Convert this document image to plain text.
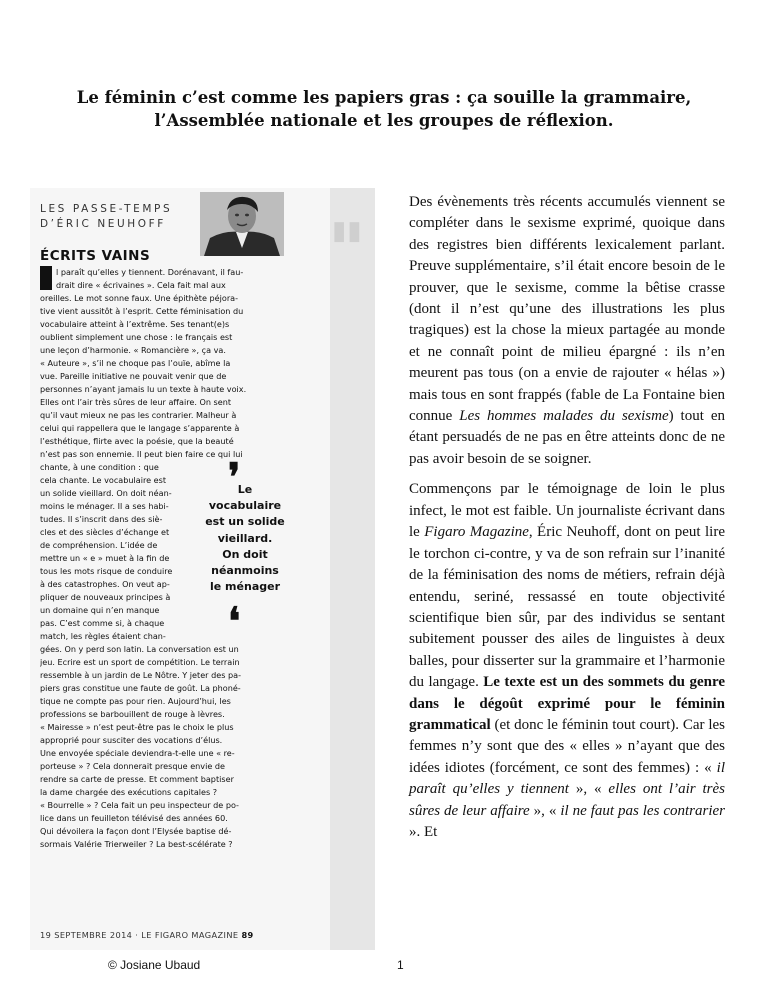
Le féminin c’est comme les papiers gras : ça souille la grammaire,
l’Assemblée nationale et les groupes de réflexion.
▮▮
LES PASSE-TEMPS
D’ÉRIC NEUHOFF
ÉCRITS VAINS

l paraît qu’elles y tiennent. Dorénavant, il fau-

drait dire « écrivaines ». Cela fait mal aux

oreilles. Le mot sonne faux. Une épithète péjora-

tive vient aussitôt à l’esprit. Cette féminisation du

vocabulaire atteint à l’extrême. Ses tenant(e)s

oublient simplement une chose : le français est

une leçon d’harmonie. « Romancière », ça va.

« Auteure », s’il ne choque pas l’ouïe, abîme la

vue. Pareille initiative ne pouvait venir que de

personnes n’ayant jamais lu un texte à haute voix.

Elles ont l’air très sûres de leur affaire. On sent

qu’il vaut mieux ne pas les contrarier. Malheur à

celui qui rappellera que le langage s’apparente à

l’esthétique, flirte avec la poésie, que la beauté

n’est pas son ennemie. Il peut bien faire ce qui lui

chante, à une condition : que

cela chante. Le vocabulaire est

un solide vieillard. On doit néan-

moins le ménager. Il a ses habi-

tudes. Il s’inscrit dans des siè-

cles et des siècles d’échange et

de compréhension. L’idée de

mettre un « e » muet à la fin de

tous les mots risque de conduire

à des catastrophes. On veut ap-

pliquer de nouveaux principes à

un domaine qui n’en manque

pas. C’est comme si, à chaque

match, les règles étaient chan-

gées. On y perd son latin. La conversation est un

jeu. Ecrire est un sport de compétition. Le terrain

ressemble à un jardin de Le Nôtre. Y jeter des pa-

piers gras constitue une faute de goût. La phoné-

tique ne compte pas pour rien. Aujourd’hui, les

professions se barbouillent de rouge à lèvres.

« Mairesse » n’est peut-être pas le choix le plus

approprié pour susciter des vocations d’élus.

Une envoyée spéciale deviendra-t-elle une « re-

porteuse » ? Cela donnerait presque envie de

rendre sa carte de presse. Et comment baptiser

la dame chargée des exécutions capitales ?

« Bourrelle » ? Cela fait un peu inspecteur de po-

lice dans un feuilleton télévisé des années 60.

Qui dévoilera la façon dont l’Elysée baptise dé-

sormais Valérie Trierweiler ? La best-scélérate ?

❜
Le
vocabulaire
est un solide
vieillard.
On doit
néanmoins
le ménager
❛
19 SEPTEMBRE 2014 · LE FIGARO MAGAZINE 89

Des évènements très récents accumulés viennent se compléter dans le sexisme exprimé, quoique dans des registres bien différents lexicalement parlant. Preuve supplémentaire, s’il était encore besoin de le prouver, que le sexisme, comme la bêtise crasse (dont il n’est qu’une des illustrations les plus tragiques) est la chose la mieux partagée au monde et ne connaît point de milieu épargné : ils n’en meurent pas tous (on a envie de rajouter « hélas ») mais tous en sont frappés (fable de La Fontaine bien connue Les hommes malades du sexisme) tout en étant persuadés de ne pas en être atteints donc de ne pas avoir besoin de se soigner.

Commençons par le témoignage de loin le plus infect, le mot est faible. Un journaliste écrivant dans le Figaro Magazine, Éric Neuhoff, dont on peut lire le torchon ci-contre, y va de son refrain sur l’inanité de la féminisation des noms de métiers, refrain déjà entendu, seriné, ressassé en toute objectivité scientifique bien sûr, par des individus se sentant subitement pousser des ailes de linguistes à deux balles, pour disserter sur la grammaire et l’harmonie du langage. Le texte est un des sommets du genre dans le dégoût exprimé pour le féminin grammatical (et donc le féminin tout court). Car les femmes n’y sont que des « elles » n’ayant que des idées idiotes (forcément, ce sont des femmes) : « il paraît qu’elles y tiennent », « elles ont l’air très sûres de leur affaire », « il ne faut pas les contrarier ». Et

© Josiane Ubaud	1
